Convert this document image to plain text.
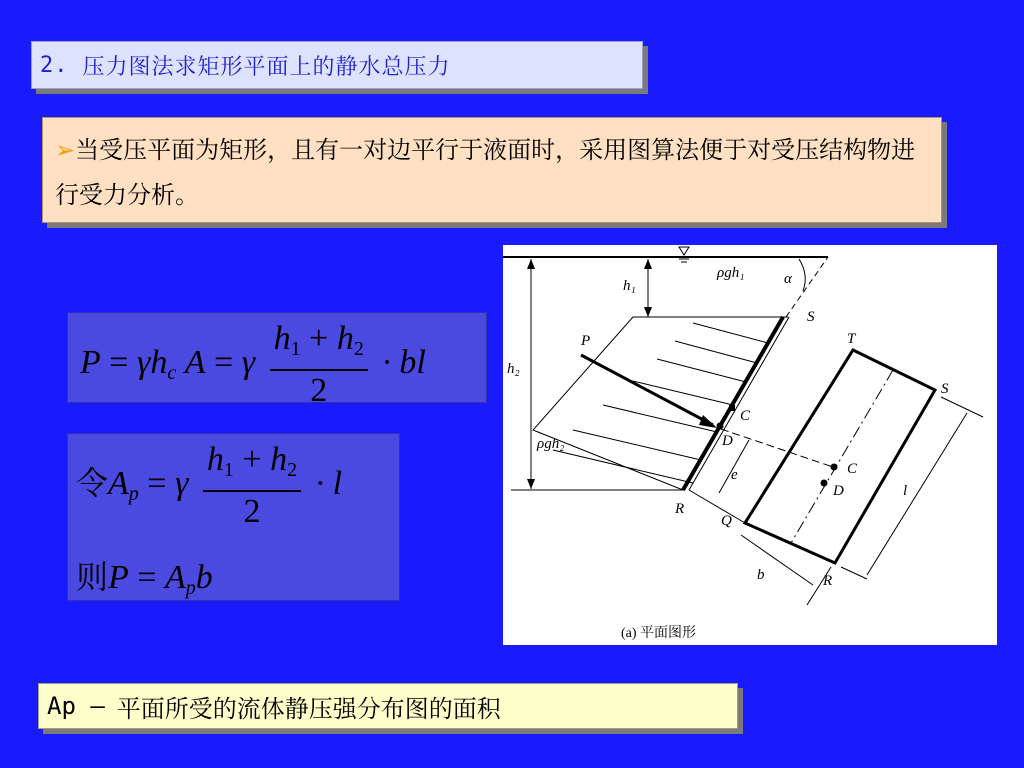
2. 压力图法求矩形平面上的静水总压力
➢当受压平面为矩形，且有一对边平行于液面时，采用图算法便于对受压结构物进行受力分析。
$P = \gamma h_c$ A = γ $\frac{h_1 + h_2}{2}$ · bl
令$A_p = \gamma \frac{h_1 + h_2}{2} \cdot l$
则$P = A_pb$
h₁
h₂
ρgh₁
ρgh₂
α
S
P
C
D
R
e
Q
T
S
C
D	l
b	R
(a) 平面图形
Ap — 平面所受的流体静压强分布图的面积
